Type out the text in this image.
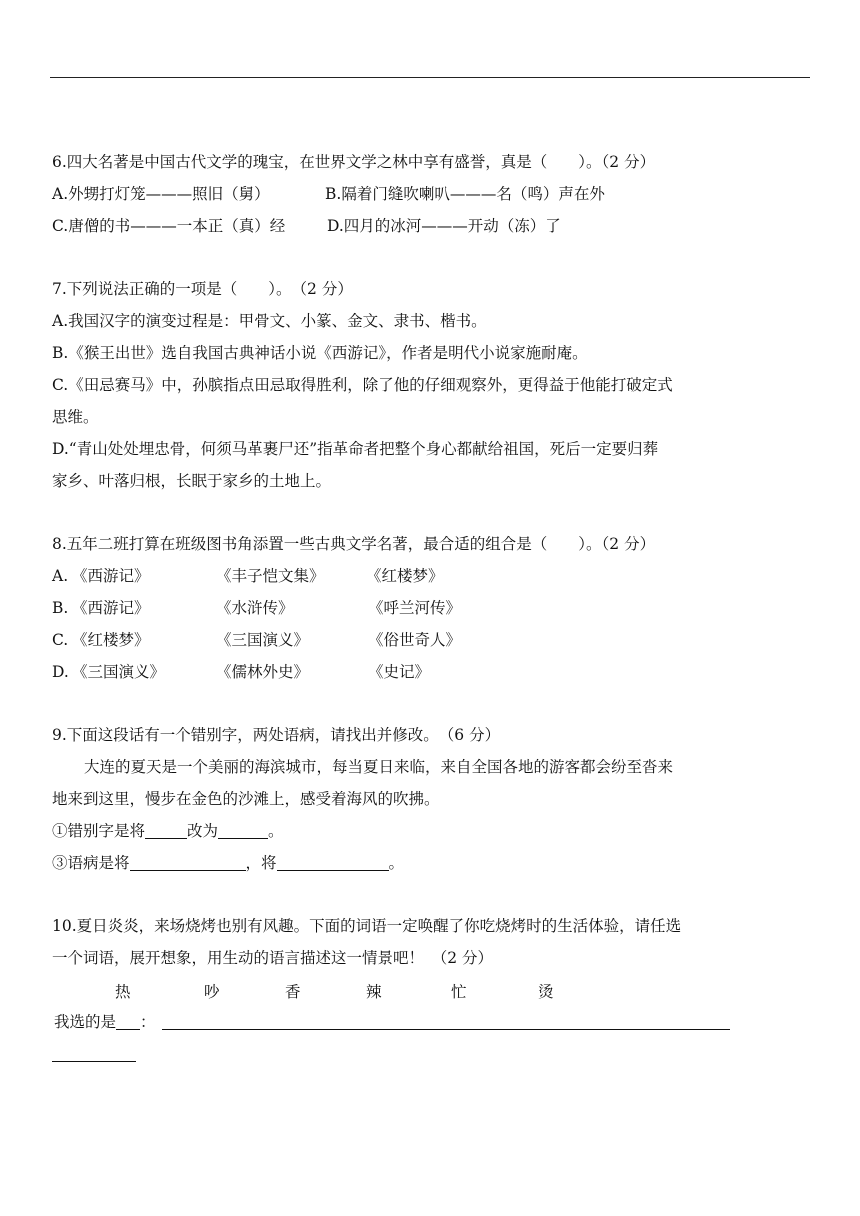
6.四大名著是中国古代文学的瑰宝，在世界文学之林中享有盛誉，真是（　　）。（2 分）
A.外甥打灯笼———照旧（舅）	B.隔着门缝吹喇叭———名（鸣）声在外
C.唐僧的书———一本正（真）经	D.四月的冰河———开动（冻）了
7.下列说法正确的一项是（　　）。　（2 分）
A.我国汉字的演变过程是：甲骨文、小篆、金文、隶书、楷书。
B.《猴王出世》选自我国古典神话小说《西游记》，作者是明代小说家施耐庵。
C.《田忌赛马》中，孙膑指点田忌取得胜利，除了他的仔细观察外，更得益于他能打破定式
思维。
D.“青山处处埋忠骨，何须马革裹尸还”指革命者把整个身心都献给祖国，死后一定要归葬
家乡、叶落归根，长眠于家乡的土地上。
8.五年二班打算在班级图书角添置一些古典文学名著，最合适的组合是（　　）。（2 分）
A. 《西游记》	《丰子恺文集》	《红楼梦》
B. 《西游记》	《水浒传》	《呼兰河传》
C. 《红楼梦》	《三国演义》	《俗世奇人》
D. 《三国演义》	《儒林外史》	《史记》
9.下面这段话有一个错别字，两处语病，请找出并修改。　（6 分）
大连的夏天是一个美丽的海滨城市，每当夏日来临，来自全国各地的游客都会纷至沓来
地来到这里，慢步在金色的沙滩上，感受着海风的吹拂。
①错别字是将	改为	。
③语病是将	，将	。
10.夏日炎炎，来场烧烤也别有风趣。下面的词语一定唤醒了你吃烧烤时的生活体验，请任选
一个词语，展开想象，用生动的语言描述这一情景吧！　（2 分）
热	吵	香	辣	忙	烫
我选的是 ：
